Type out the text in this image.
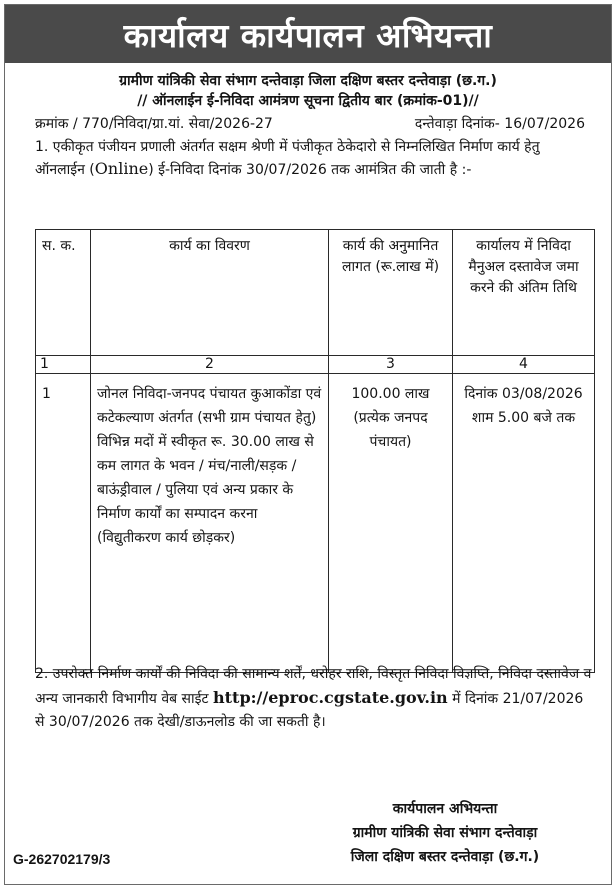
कार्यालय कार्यपालन अभियन्ता
ग्रामीण यांत्रिकी सेवा संभाग दन्तेवाड़ा जिला दक्षिण बस्तर दन्तेवाड़ा (छ.ग.)
// ऑनलाईन ई-निविदा आमंत्रण सूचना द्वितीय बार (क्रमांक-01)//
क्रमांक / 770/निविदा/ग्रा.यां. सेवा/2026-27	दन्तेवाड़ा दिनांक- 16/07/2026
1. एकीकृत पंजीयन प्रणाली अंतर्गत सक्षम श्रेणी में पंजीकृत ठेकेदारो से निम्नलिखित निर्माण कार्य हेतु ऑनलाईन (Online) ई-निविदा दिनांक 30/07/2026 तक आमंत्रित की जाती है :-
स. क.	कार्य का विवरण	कार्य की अनुमानित लागत (रू.लाख में)	कार्यालय में निविदा मैनुअल दस्तावेज जमा करने की अंतिम तिथि
1	2	3	4
1	जोनल निविदा-जनपद पंचायत कुआकोंडा एवं कटेकल्याण अंतर्गत (सभी ग्राम पंचायत हेतु) विभिन्न मदों में स्वीकृत रू. 30.00 लाख से कम लागत के भवन / मंच/नाली/सड़क / बाऊंड्रीवाल / पुलिया एवं अन्य प्रकार के निर्माण कार्यों का सम्पादन करना (विद्युतीकरण कार्य छोड़कर)	100.00 लाख (प्रत्येक जनपद पंचायत)	दिनांक 03/08/2026 शाम 5.00 बजे तक
2. उपरोक्त निर्माण कार्यों की निविदा की सामान्य शर्तें, धरोहर राशि, विस्तृत निविदा विज्ञप्ति, निविदा दस्तावेज व अन्य जानकारी विभागीय वेब साईट http://eproc.cgstate.gov.in में दिनांक 21/07/2026 से 30/07/2026 तक देखी/डाऊनलोड की जा सकती है।
कार्यपालन अभियन्ता
ग्रामीण यांत्रिकी सेवा संभाग दन्तेवाड़ा
जिला दक्षिण बस्तर दन्तेवाड़ा (छ.ग.)
G-262702179/3
